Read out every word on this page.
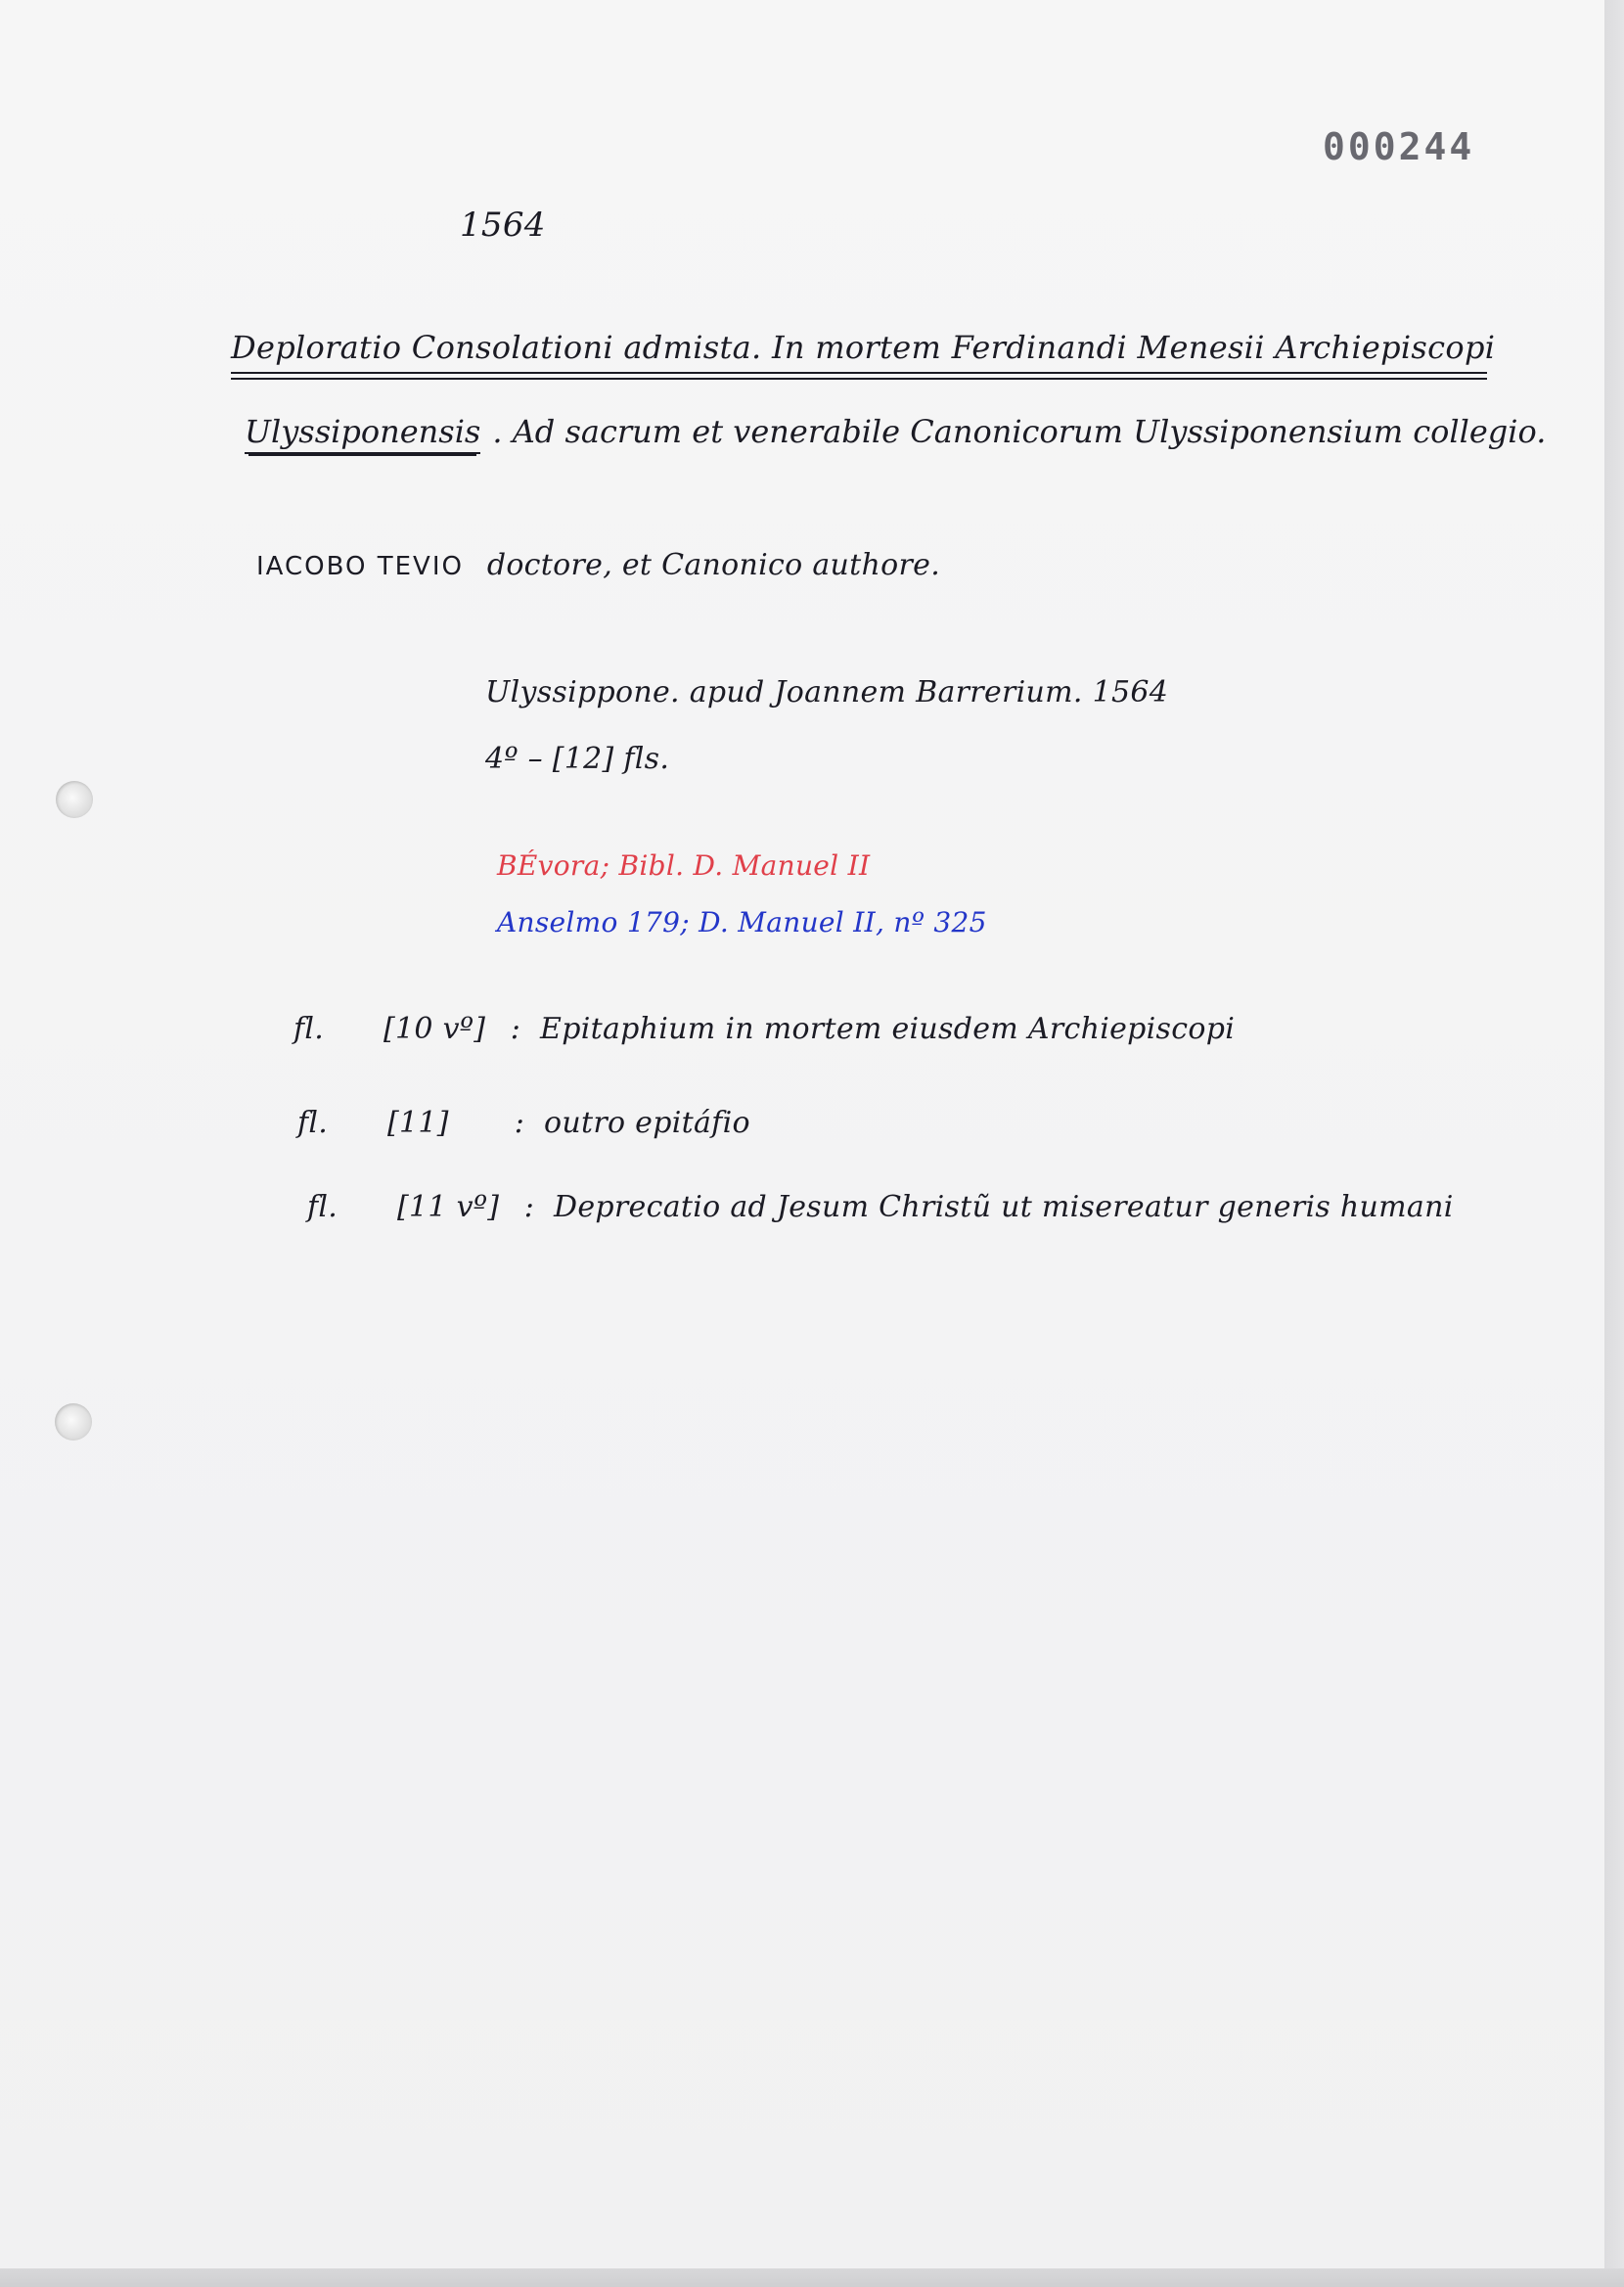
000244
1564
Deploratio Consolationi admista. In mortem Ferdinandi Menesii Archiepiscopi
Ulyssiponensis . Ad sacrum et venerabile Canonicorum Ulyssiponensium collegio.
IACOBO TEVIO doctore, et Canonico authore.
Ulyssippone. apud Joannem Barrerium. 1564
4º – [12] fls.
BÉvora; Bibl. D. Manuel II
Anselmo 179; D. Manuel II, nº 325
fl. [10 vº] : Epitaphium in mortem eiusdem Archiepiscopi
fl. [11] : outro epitáfio
fl. [11 vº] : Deprecatio ad Jesum Christũ ut misereatur generis humani
